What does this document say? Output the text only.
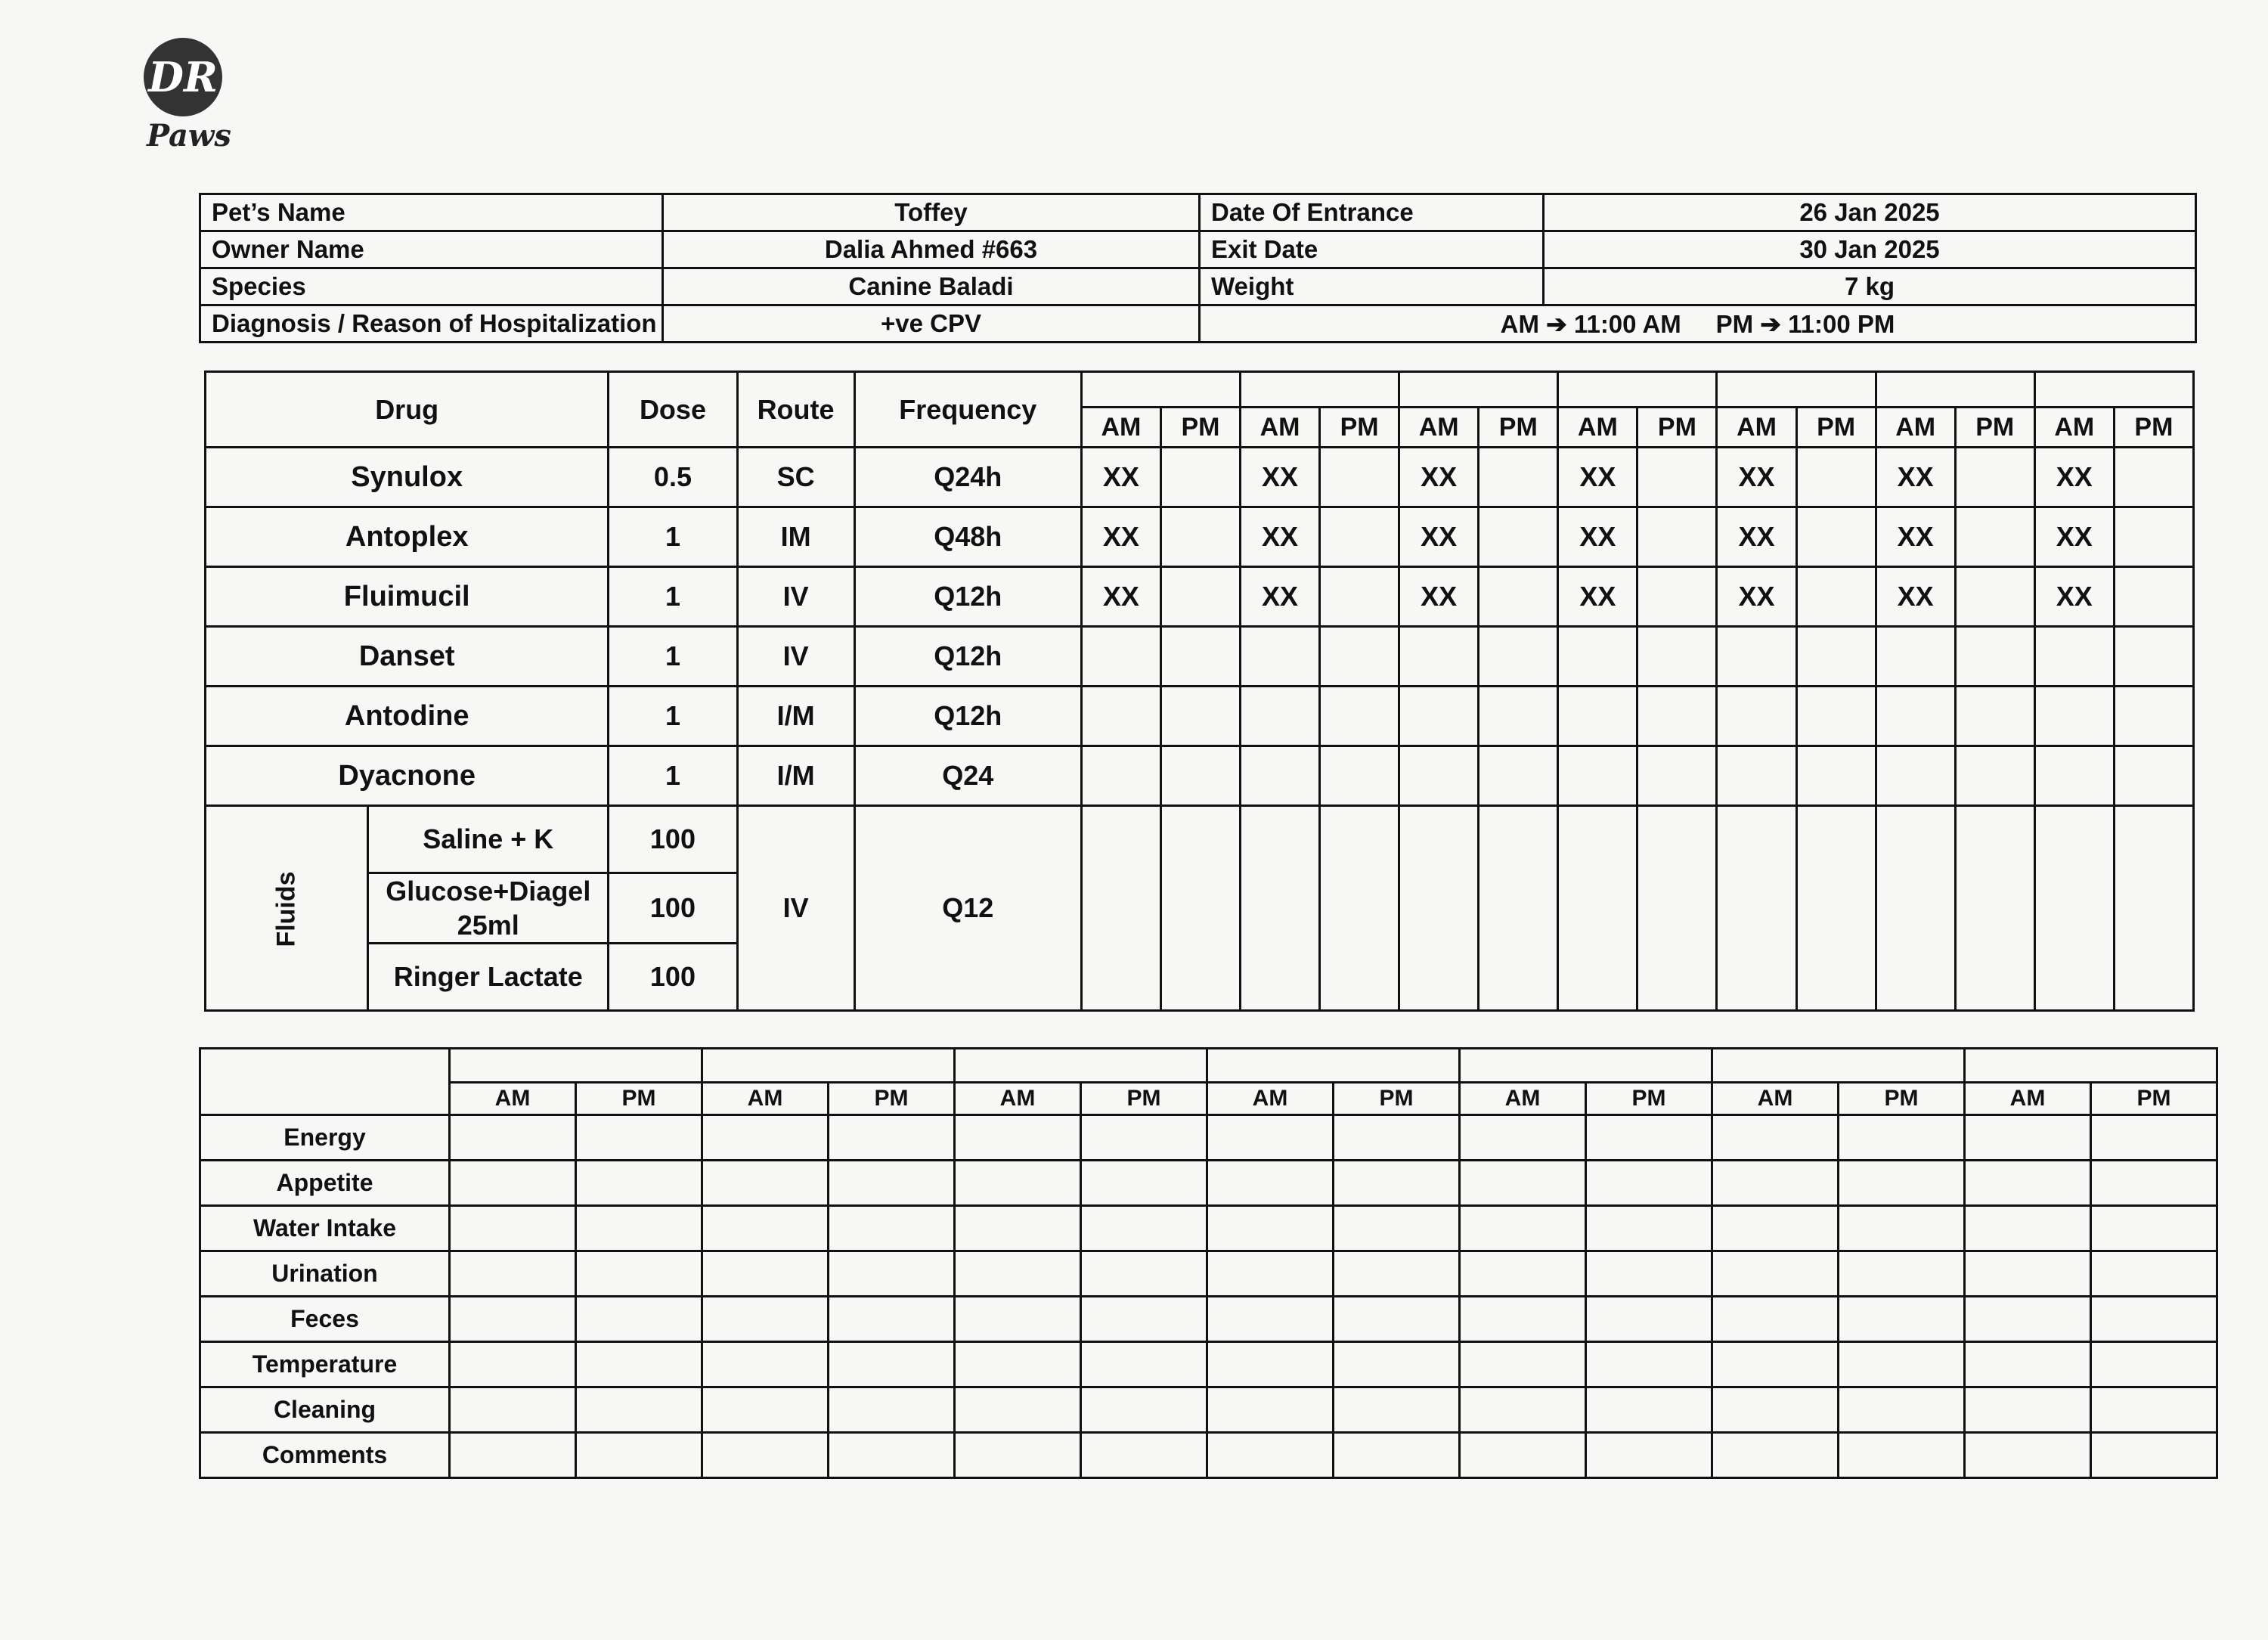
DR
Paws
Pet’s Name	Toffey	Date Of Entrance	26 Jan 2025
Owner Name	Dalia Ahmed #663	Exit Date	30 Jan 2025
Species	Canine Baladi	Weight	7 kg
Diagnosis / Reason of Hospitalization	+ve CPV	AM ➔ 11:00 AM     PM ➔ 11:00 PM	
Drug		Dose	Route	Frequency														
					AM	PM	AM	PM	AM	PM	AM	PM	AM	PM	AM	PM	AM	PM
Synulox		0.5	SC	Q24h	XX		XX		XX		XX		XX		XX		XX	
Antoplex		1	IM	Q48h	XX		XX		XX		XX		XX		XX		XX	
Fluimucil		1	IV	Q12h	XX		XX		XX		XX		XX		XX		XX	
Danset		1	IV	Q12h														
Antodine		1	I/M	Q12h														
Dyacnone		1	I/M	Q24														
Fluids	Saline + K	100	IV	Q12														
	Glucose+Diagel 25ml	100																
	Ringer Lactate	100																

	AM	PM	AM	PM	AM	PM	AM	PM	AM	PM	AM	PM	AM	PM
Energy														
Appetite														
Water Intake														
Urination														
Feces														
Temperature														
Cleaning														
Comments														
